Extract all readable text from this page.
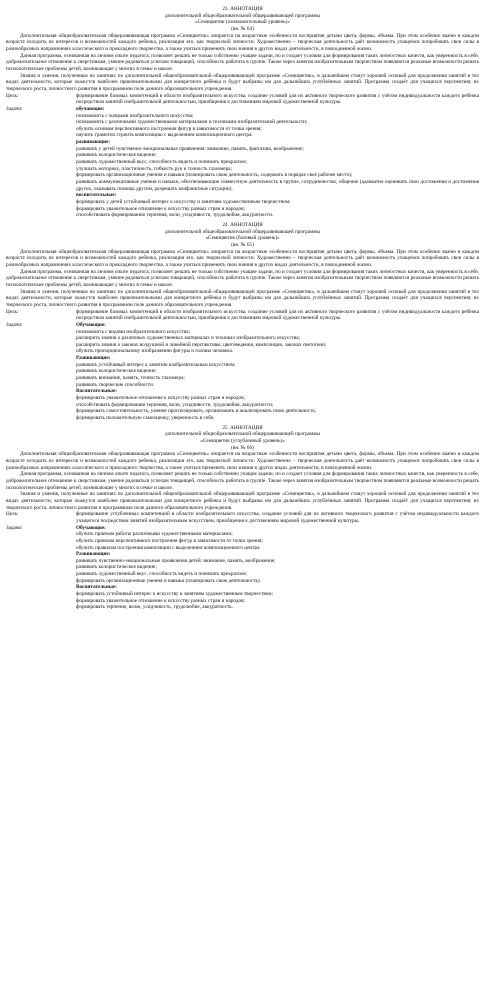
23. АННОТАЦИЯ
дополнительной общеобразовательной общеразвивающей программы
«Семицветик (ознакомительный уровень)»
(вн. № 64)
Дополнительная общеобразовательная общеразвивающая программа «Семицветик» опирается на возрастные особенности восприятия детьми цвета, формы, объема. При этом особенно важно в каждом возрасте исходить из интересов и возможностей каждого ребенка, реализации его, как творческой личности. Художественно – творческая деятельность даёт возможность учащимся попробовать свои силы в разнообразных направлениях классического и прикладного творчества, а также учиться применять свои знания в других видах деятельности, в повседневной жизни.
Данная программа, основанная на личном опыте педагога, позволяет решать не только собственно учащие задачи, но и создает условия для формирования таких личностных качеств, как уверенность в себе, доброжелательное отношение к сверстникам, умение радоваться успехам товарищей, способность работать в группе. Также через занятия изобразительным творчеством появляются реальные возможности решать психологические проблемы детей, возникающие у многих в семье и школе.
Знания и умения, полученные на занятиях по дополнительной общеобразовательной общеразвивающей программе «Семицветик», в дальнейшем станут хорошей основой для продолжения занятий в тех видах деятельности, которые окажутся наиболее привлекательными для конкретного ребёнка и будут выбраны им для дальнейших углублённых занятий. Программа создаёт для учащихся перспективу их творческого роста, личностного развития в программном поле данного образовательного учреждения.
Цель:	формирование базовых компетенций в области изобразительного искусства, создание условий для их активного творческого развития с учётом индивидуальности каждого ребёнка посредством занятий изобразительной деятельностью, приобщения к достижениям мировой художественной культуры.
Задачи:	обучающие:
познакомить с жанрами изобразительного искусства;
познакомить с различными художественными материалами и техниками изобразительной деятельности;
обучить основам перспективного построения фигур в зависимости от точки зрения;
научить грамотно строить композицию с выделением композиционного центра.
развивающие:
развивать у детей чувственно-эмоциональные проявления: внимание, память, фантазию, воображение;
развивать колористическое видение;
развивать художественный вкус, способность видеть и понимать прекрасное;
улучшать моторику, пластичность, гибкость рук и точность глазомера;
формировать организационные умения и навыки (планировать свою деятельность, содержать в порядке своё рабочее место);
развивать коммуникативные умения и навыки, обеспечивающие совместную деятельность в группе, сотрудничество, общение (адекватно оценивать свои достижения и достижения других, оказывать помощь другим, разрешать конфликтные ситуации).
воспитательные:
формировать у детей устойчивый интерес к искусству и занятиям художественным творчеством;
формировать уважительное отношение к искусству разных стран и народов;
способствовать формированию терпения, воли, усидчивости, трудолюбия, аккуратности.
24. АННОТАЦИЯ
дополнительной общеобразовательной общеразвивающей программы
«Семицветик (базовый уровень)»
(вн. № 65)
Дополнительная общеобразовательная общеразвивающая программа «Семицветик» опирается на возрастные особенности восприятия детьми цвета, формы, объема. При этом особенно важно в каждом возрасте исходить из интересов и возможностей каждого ребенка, реализации его, как творческой личности. Художественно – творческая деятельность даёт возможность учащимся попробовать свои силы в разнообразных направлениях классического и прикладного творчества, а также учиться применять свои знания в других видах деятельности, в повседневной жизни.
Данная программа, основанная на личном опыте педагога, позволяет решать не только собственно учащие задачи, но и создает условия для формирования таких личностных качеств, как уверенность в себе, доброжелательное отношение к сверстникам, умение радоваться успехам товарищей, способность работать в группе. Также через занятия изобразительным творчеством появляются реальные возможности решать психологические проблемы детей, возникающие у многих в семье и школе.
Знания и умения, полученные на занятиях по дополнительной общеобразовательной общеразвивающей программе «Семицветик», в дальнейшем станут хорошей основой для продолжения занятий в тех видах деятельности, которые окажутся наиболее привлекательными для конкретного ребёнка и будут выбраны им для дальнейших углублённых занятий. Программа создаёт для учащихся перспективу их творческого роста, личностного развития в программном поле данного образовательного учреждения.
Цель:	формирование базовых компетенций в области изобразительного искусства, создание условий для их активного творческого развития с учётом индивидуальности каждого ребёнка посредством занятий изобразительной деятельностью, приобщения к достижениям мировой художественной культуры.
Задачи:	Обучающие:
познакомить с видами изобразительного искусства;
расширить знания о различных художественных материалах и техниках изобразительного искусства;
расширить знания о законах воздушной и линейной перспективы, цветоведения, композиции, законах светотени;
обучить пропорциональному изображению фигуры и головы человека.
Развивающие:
развивать устойчивый интерес к занятию изобразительным искусством;
развивать колористическое видение;
развивать внимание, память, точность глазомера;
развивать творческие способности.
Воспитательные:
формировать уважительное отношение к искусству разных стран и народов;
способствовать формированию терпения, воли, усидчивости, трудолюбия, аккуратности;
формировать самостоятельность, умение прогнозировать, организовать и анализировать свою деятельность;
формировать положительную самооценку, уверенность в себе.
25. АННОТАЦИЯ
дополнительной общеобразовательной общеразвивающей программы
«Семицветик (углубленный уровень)»
(вн. № 66)
Дополнительная общеобразовательная общеразвивающая программа «Семицветик» опирается на возрастные особенности восприятия детьми цвета, формы, объема. При этом особенно важно в каждом возрасте исходить из интересов и возможностей каждого ребенка, реализации его, как творческой личности. Художественно – творческая деятельность даёт возможность учащимся попробовать свои силы в разнообразных направлениях классического и прикладного творчества, а также учиться применять свои знания в других видах деятельности, в повседневной жизни.
Данная программа, основанная на личном опыте педагога, позволяет решать не только собственно учащие задачи, но и создает условия для формирования таких личностных качеств, как уверенность в себе, доброжелательное отношение к сверстникам, умение радоваться успехам товарищей, способность работать в группе. Также через занятия изобразительным творчеством появляются реальные возможности решать психологические проблемы детей, возникающие у многих в семье и школе.
Знания и умения, полученные на занятиях по дополнительной общеобразовательной общеразвивающей программе «Семицветик», в дальнейшем станут хорошей основой для продолжения занятий в тех видах деятельности, которые окажутся наиболее привлекательными для конкретного ребёнка и будут выбраны им для дальнейших углублённых занятий. Программа создаёт для учащихся перспективу их творческого роста, личностного развития в программном поле данного образовательного учреждения.
Цель:	формирование углубленных компетенций в области изобразительного искусства, создание условий для их активного творческого развития с учётом индивидуальности каждого учащегося посредством занятий изобразительным искусством, приобщения к достижениям мировой художественной культуры.
Задачи:	Обучающие:
обучить приемам работы различными художественными материалами;
обучить приемам перспективного построения фигур в зависимости от точки зрения;
обучить правилам построения композиции с выделением композиционного центра.
Развивающие:
развивать чувственно-эмоциональные проявления детей: внимание, память, воображение;
развивать колористическое видение;
развивать художественный вкус, способность видеть и понимать прекрасное;
формировать организационные умения и навыки (планировать свою деятельность).
Воспитательные:
формировать устойчивый интерес к искусству и занятиям художественным творчеством;
формировать уважительное отношение к искусству разных стран и народов;
формировать терпение, волю, усидчивость, трудолюбие, аккуратность.
